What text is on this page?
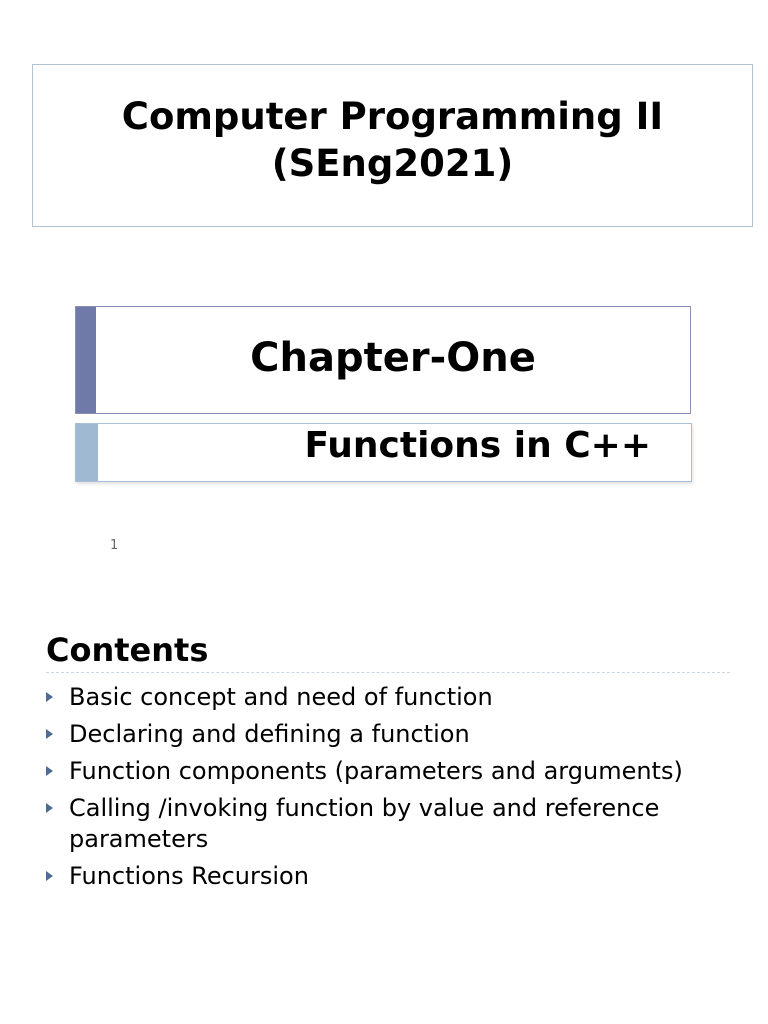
Computer Programming II
(SEng2021)
Chapter-One
Functions in C++
1
Contents
Basic concept and need of function
Declaring and defining a function
Function components (parameters and arguments)
Calling /invoking function by value and reference
parameters
Functions Recursion
